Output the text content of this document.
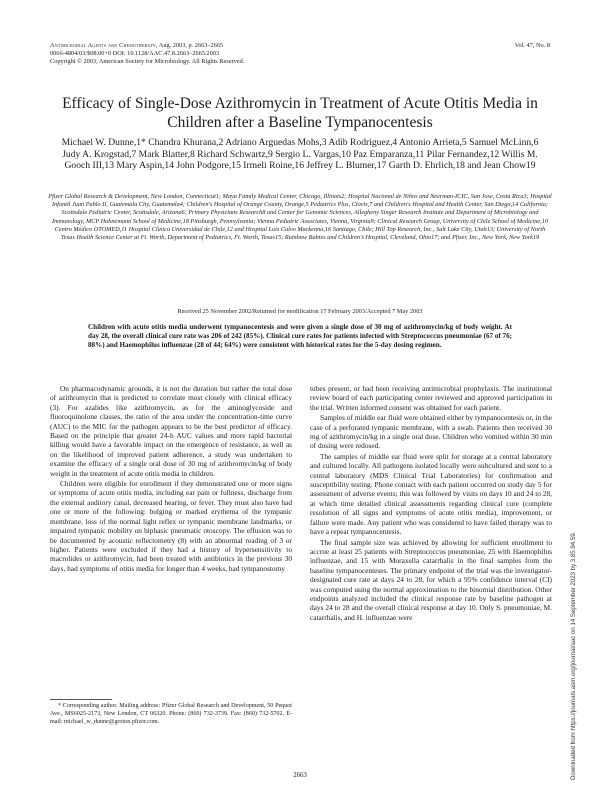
Antimicrobial Agents and Chemotherapy, Aug. 2003, p. 2663–2665
0066-4804/03/$08.00+0 DOI: 10.1128/AAC.47.8.2663–2665.2003
Copyright © 2003, American Society for Microbiology. All Rights Reserved.
Vol. 47, No. 8
Efficacy of Single-Dose Azithromycin in Treatment of Acute Otitis Media in Children after a Baseline Tympanocentesis
Michael W. Dunne,1* Chandra Khurana,2 Adriano Arguedas Mohs,3 Adib Rodriguez,4 Antonio Arrieta,5 Samuel McLinn,6 Judy A. Krogstad,7 Mark Blatter,8 Richard Schwartz,9 Sergio L. Vargas,10 Paz Emparanza,11 Pilar Fernandez,12 Willis M. Gooch III,13 Mary Aspin,14 John Podgore,15 Irmeli Roine,16 Jeffrey L. Blumer,17 Garth D. Ehrlich,18 and Jean Chow19
Pfizer Global Research & Development, New London, Connecticut1; Maya Family Medical Center, Chicago, Illinois2; Hospital Nacional de Niños and Neerman-ICIC, San Jose, Costa Rica3; Hospital Infantil Juan Pablo II, Guatemala City, Guatemala4; Children's Hospital of Orange County, Orange,5 Pediatrics Plus, Clovis,7 and Children's Hospital and Health Center, San Diego,14 California; Scottsdale Pediatric Center, Scottsdale, Arizona6; Primary Physicians Research8 and Center for Genomic Sciences, Allegheny Singer Research Institute and Department of Microbiology and Immunology, MCP Hahnemann School of Medicine,18 Pittsburgh, Pennsylvania; Vienna Pediatric Associates, Vienna, Virginia9; Clinical Research Group, University of Chile School of Medicine,10 Centro Médico OTOMED,11 Hospital Clínico Universidad de Chile,12 and Hospital Luis Calvo Mackenna,16 Santiago, Chile; Hill Top Research, Inc., Salt Lake City, Utah13; University of North Texas Health Science Center at Ft. Worth, Department of Pediatrics, Ft. Worth, Texas15; Rainbow Babies and Children's Hospital, Cleveland, Ohio17; and Pfizer, Inc., New York, New York19
Received 25 November 2002/Returned for modification 17 February 2003/Accepted 7 May 2003
Children with acute otitis media underwent tympanocentesis and were given a single dose of 30 mg of azithromycin/kg of body weight. At day 28, the overall clinical cure rate was 206 of 242 (85%). Clinical cure rates for patients infected with Streptococcus pneumoniae (67 of 76; 88%) and Haemophilus influenzae (28 of 44; 64%) were consistent with historical rates for the 5-day dosing regimen.

On pharmacodynamic grounds, it is not the duration but rather the total dose of azithromycin that is predicted to correlate most closely with clinical efficacy (3). For azalides like azithromycin, as for the aminoglycoside and fluoroquinolone classes, the ratio of the area under the concentration-time curve (AUC) to the MIC for the pathogen appears to be the best predictor of efficacy. Based on the principle that greater 24-h AUC values and more rapid bacterial killing would have a favorable impact on the emergence of resistance, as well as on the likelihood of improved patient adherence, a study was undertaken to examine the efficacy of a single oral dose of 30 mg of azithromycin/kg of body weight in the treatment of acute otitis media in children.

Children were eligible for enrollment if they demonstrated one or more signs or symptoms of acute otitis media, including ear pain or fullness, discharge from the external auditory canal, decreased hearing, or fever. They must also have had one or more of the following: bulging or marked erythema of the tympanic membrane, loss of the normal light reflex or tympanic membrane landmarks, or impaired tympanic mobility on biphasic pneumatic otoscopy. The effusion was to be documented by acoustic reflectometry (8) with an abnormal reading of 3 or higher. Patients were excluded if they had a history of hypersensitivity to macrolides or azithromycin, had been treated with antibiotics in the previous 30 days, had symptoms of otitis media for longer than 4 weeks, had tympanostomy

tubes present, or had been receiving antimicrobial prophylaxis. The institutional review board of each participating center reviewed and approved participation in the trial. Written informed consent was obtained for each patient.

Samples of middle ear fluid were obtained either by tympanocentesis or, in the case of a perforated tympanic membrane, with a swab. Patients then received 30 mg of azithromycin/kg in a single oral dose. Children who vomited within 30 min of dosing were redosed.

The samples of middle ear fluid were split for storage at a central laboratory and cultured locally. All pathogens isolated locally were subcultured and sent to a central laboratory (MDS Clinical Trial Laboratories) for confirmation and susceptibility testing. Phone contact with each patient occurred on study day 5 for assessment of adverse events; this was followed by visits on days 10 and 24 to 28, at which time detailed clinical assessments regarding clinical cure (complete resolution of all signs and symptoms of acute otitis media), improvement, or failure were made. Any patient who was considered to have failed therapy was to have a repeat tympanocentesis.

The final sample size was achieved by allowing for sufficient enrollment to accrue at least 25 patients with Streptococcus pneumoniae, 25 with Haemophilus influenzae, and 15 with Moraxella catarrhalis in the final samples from the baseline tympanocenteses. The primary endpoint of the trial was the investigator-designated cure rate at days 24 to 28, for which a 95% confidence interval (CI) was computed using the normal approximation to the binomial distribution. Other endpoints analyzed included the clinical response rate by baseline pathogen at days 24 to 28 and the overall clinical response at day 10. Only S. pneumoniae, M. catarrhalis, and H. influenzae were

* Corresponding author. Mailing address: Pfizer Global Research and Development, 50 Pequot Ave., MS6025-2173, New London, CT 06320. Phone: (860) 732-3739. Fax: (860) 732-5702. E-mail: michael_w_dunne@groton.pfizer.com.
2663	Downloaded from https://journals.asm.org/journal/aac on 14 September 2023 by 3.85.94.59.
